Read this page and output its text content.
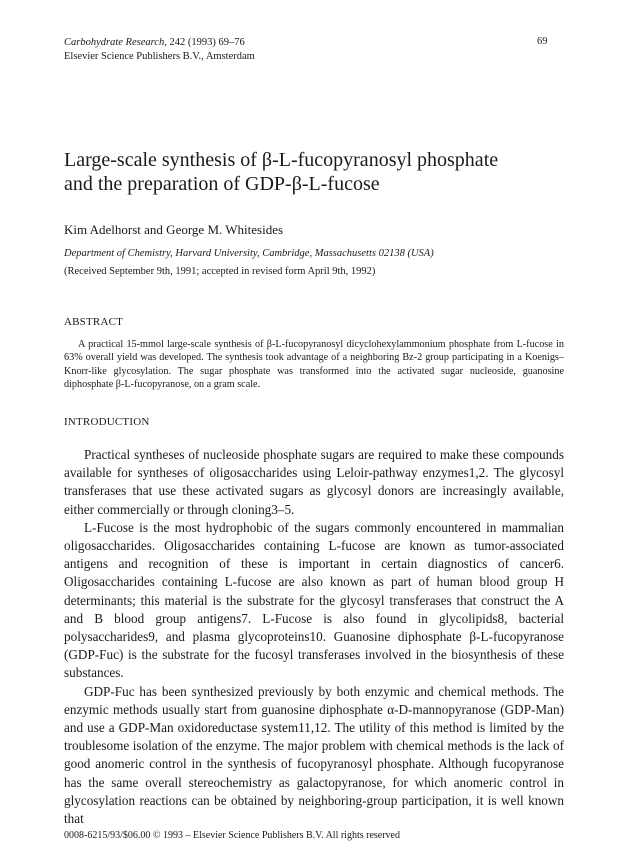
Carbohydrate Research, 242 (1993) 69–76
Elsevier Science Publishers B.V., Amsterdam
69
Large-scale synthesis of β-L-fucopyranosyl phosphate
and the preparation of GDP-β-L-fucose
Kim Adelhorst and George M. Whitesides
Department of Chemistry, Harvard University, Cambridge, Massachusetts 02138 (USA)
(Received September 9th, 1991; accepted in revised form April 9th, 1992)
ABSTRACT

A practical 15-mmol large-scale synthesis of β-L-fucopyranosyl dicyclohexylammonium phosphate from L-fucose in 63% overall yield was developed. The synthesis took advantage of a neighboring Bz-2 group participating in a Koenigs–Knorr-like glycosylation. The sugar phosphate was transformed into the activated sugar nucleoside, guanosine diphosphate β-L-fucopyranose, on a gram scale.

INTRODUCTION

Practical syntheses of nucleoside phosphate sugars are required to make these compounds available for syntheses of oligosaccharides using Leloir-pathway enzymes1,2. The glycosyl transferases that use these activated sugars as glycosyl donors are increasingly available, either commercially or through cloning3–5.

L-Fucose is the most hydrophobic of the sugars commonly encountered in mammalian oligosaccharides. Oligosaccharides containing L-fucose are known as tumor-associated antigens and recognition of these is important in certain diagnostics of cancer6. Oligosaccharides containing L-fucose are also known as part of human blood group H determinants; this material is the substrate for the glycosyl transferases that construct the A and B blood group antigens7. L-Fucose is also found in glycolipids8, bacterial polysaccharides9, and plasma glycoproteins10. Guanosine diphosphate β-L-fucopyranose (GDP-Fuc) is the substrate for the fucosyl transferases involved in the biosynthesis of these substances.

GDP-Fuc has been synthesized previously by both enzymic and chemical methods. The enzymic methods usually start from guanosine diphosphate α-D-mannopyranose (GDP-Man) and use a GDP-Man oxidoreductase system11,12. The utility of this method is limited by the troublesome isolation of the enzyme. The major problem with chemical methods is the lack of good anomeric control in the synthesis of fucopyranosyl phosphate. Although fucopyranose has the same overall stereochemistry as galactopyranose, for which anomeric control in glycosylation reactions can be obtained by neighboring-group participation, it is well known that

0008-6215/93/$06.00 © 1993 – Elsevier Science Publishers B.V. All rights reserved
